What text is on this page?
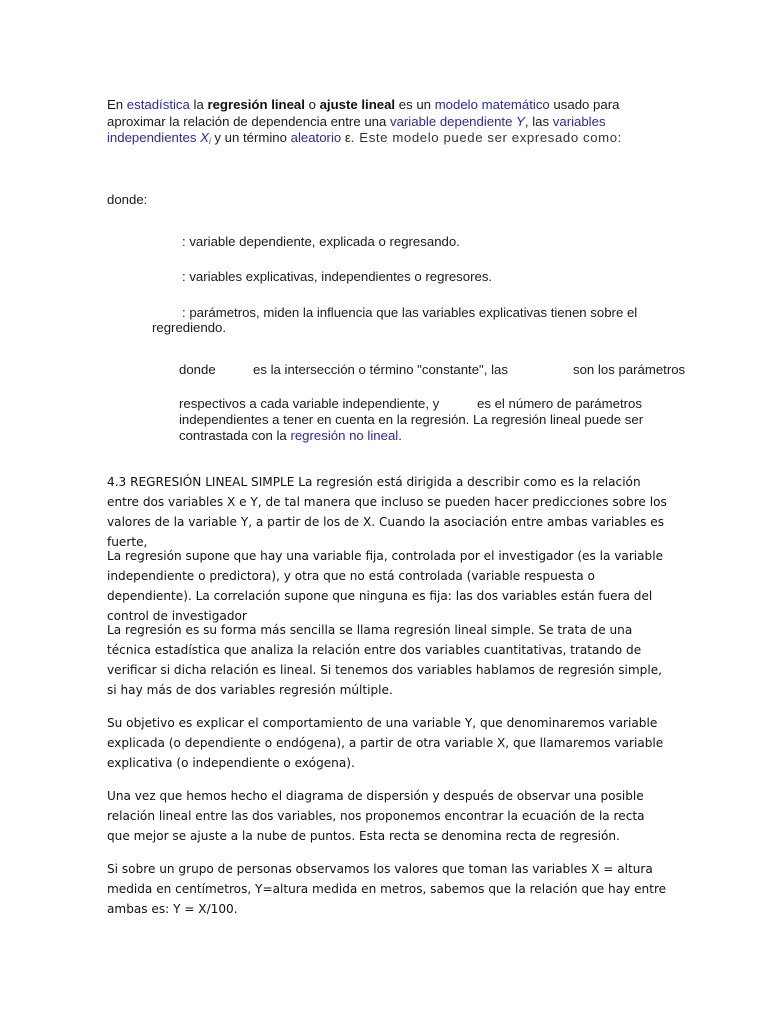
En estadística la regresión lineal o ajuste lineal es un modelo matemático usado para aproximar la relación de dependencia entre una variable dependiente Y, las variables independientes $X_i$ y un término aleatorio ε. Este modelo puede ser expresado como:
donde:
: variable dependiente, explicada o regresando.
: variables explicativas, independientes o regresores.
: parámetros, miden la influencia que las variables explicativas tienen sobre el
regrediendo.
donde	es la intersección o término "constante", las	son los parámetros
respectivos a cada variable independiente, y	es el número de parámetros
independientes a tener en cuenta en la regresión. La regresión lineal puede ser
contrastada con la regresión no lineal.

4.3 REGRESIÓN LINEAL SIMPLE La regresión está dirigida a describir como es la relación entre dos variables X e Y, de tal manera que incluso se pueden hacer predicciones sobre los valores de la variable Y, a partir de los de X. Cuando la asociación entre ambas variables es fuerte,

La regresión supone que hay una variable fija, controlada por el investigador (es la variable independiente o predictora), y otra que no está controlada (variable respuesta o dependiente). La correlación supone que ninguna es fija: las dos variables están fuera del control de investigador

La regresión es su forma más sencilla se llama regresión lineal simple. Se trata de una técnica estadística que analiza la relación entre dos variables cuantitativas, tratando de verificar si dicha relación es lineal. Si tenemos dos variables hablamos de regresión simple, si hay más de dos variables regresión múltiple.

Su objetivo es explicar el comportamiento de una variable Y, que denominaremos variable explicada (o dependiente o endógena), a partir de otra variable X, que llamaremos variable explicativa (o independiente o exógena).

Una vez que hemos hecho el diagrama de dispersión y después de observar una posible relación lineal entre las dos variables, nos proponemos encontrar la ecuación de la recta que mejor se ajuste a la nube de puntos. Esta recta se denomina recta de regresión.

Si sobre un grupo de personas observamos los valores que toman las variables X = altura medida en centímetros, Y=altura medida en metros, sabemos que la relación que hay entre ambas es: Y = X/100.
